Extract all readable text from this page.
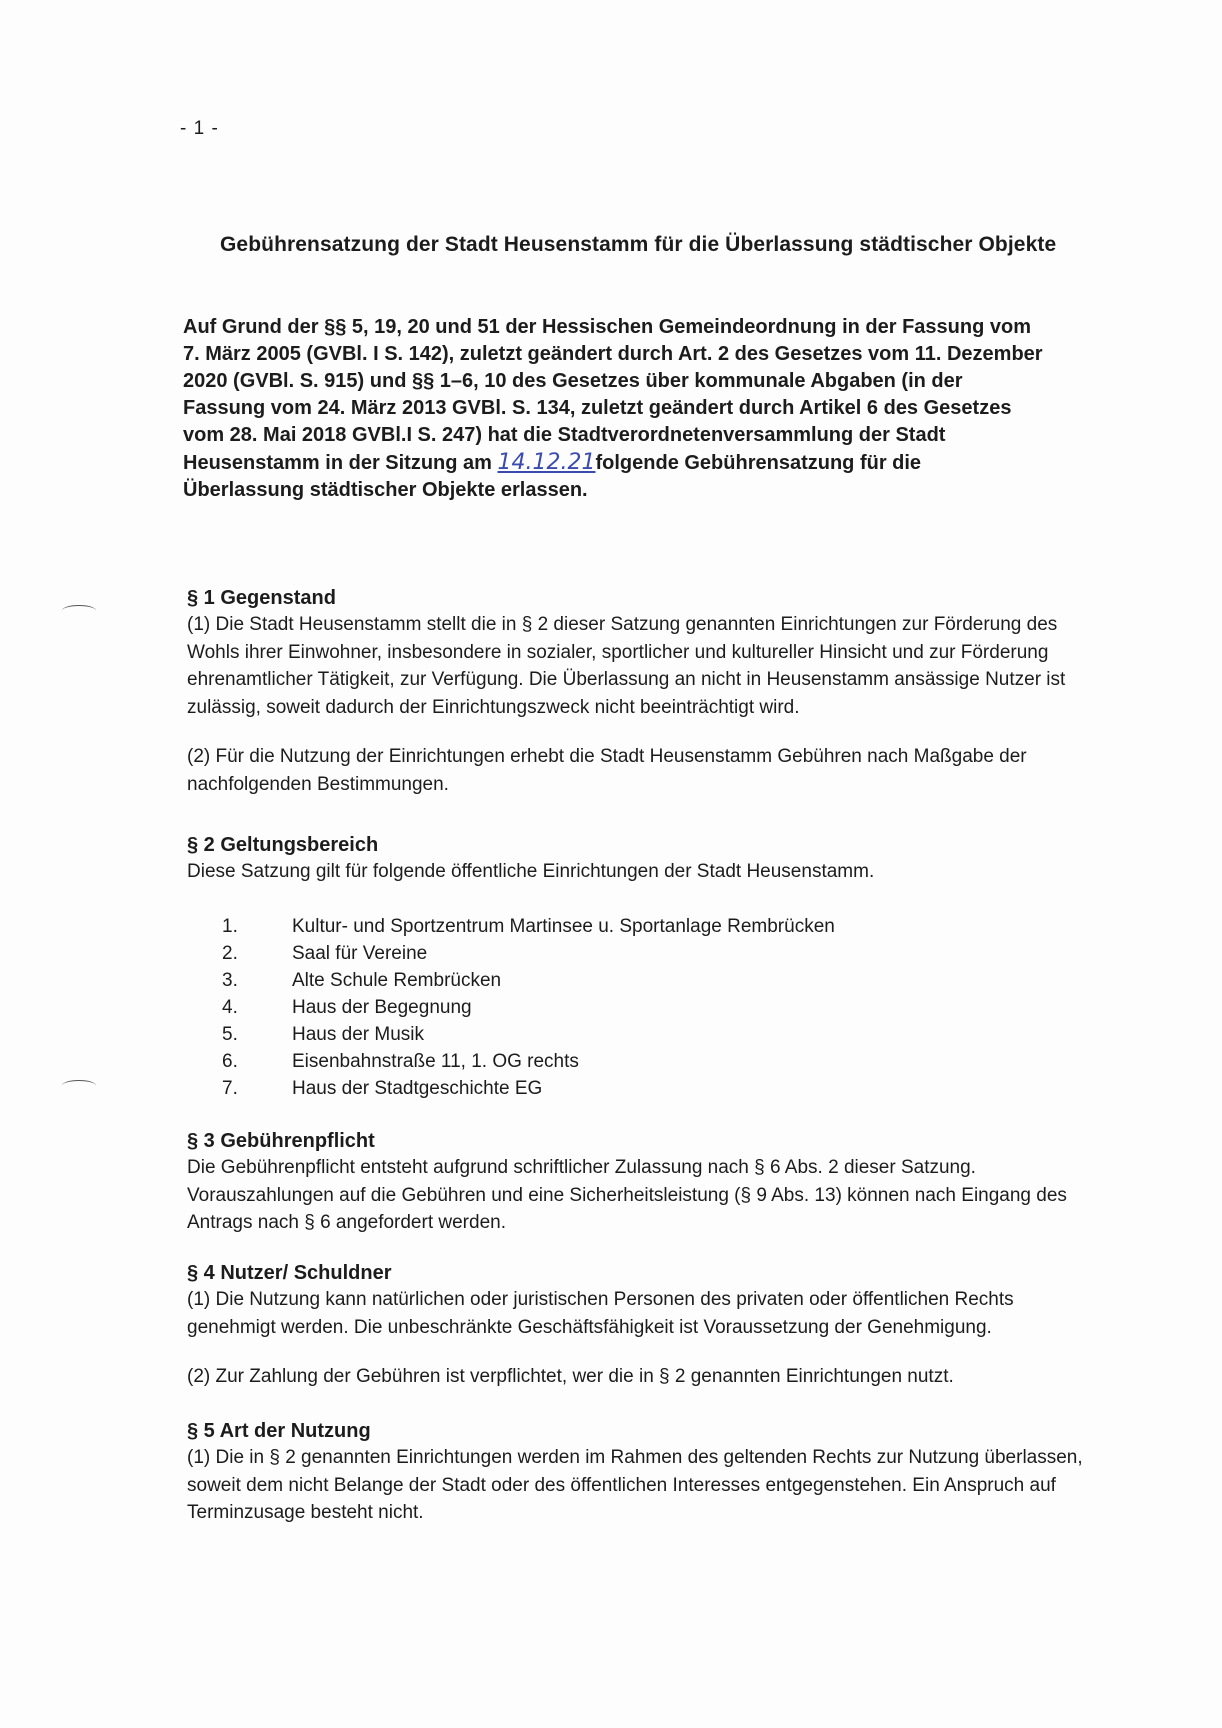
- 1 -
Gebührensatzung der Stadt Heusenstamm für die Überlassung städtischer Objekte
Auf Grund der §§ 5, 19, 20 und 51 der Hessischen Gemeindeordnung in der Fassung vom 7. März 2005 (GVBl. I S. 142), zuletzt geändert durch Art. 2 des Gesetzes vom 11. Dezember 2020 (GVBl. S. 915) und §§ 1–6, 10 des Gesetzes über kommunale Abgaben (in der Fassung vom 24. März 2013 GVBl. S. 134, zuletzt geändert durch Artikel 6 des Gesetzes vom 28. Mai 2018 GVBl.I S. 247) hat die Stadtverordnetenversammlung der Stadt Heusenstamm in der Sitzung am 14.12.21folgende Gebührensatzung für die Überlassung städtischer Objekte erlassen.
§ 1 Gegenstand

(1) Die Stadt Heusenstamm stellt die in § 2 dieser Satzung genannten Einrichtungen zur Förderung des Wohls ihrer Einwohner, insbesondere in sozialer, sportlicher und kultureller Hinsicht und zur Förderung ehrenamtlicher Tätigkeit, zur Verfügung. Die Überlassung an nicht in Heusenstamm ansässige Nutzer ist zulässig, soweit dadurch der Einrichtungszweck nicht beeinträchtigt wird.

(2) Für die Nutzung der Einrichtungen erhebt die Stadt Heusenstamm Gebühren nach Maßgabe der nachfolgenden Bestimmungen.

§ 2 Geltungsbereich

Diese Satzung gilt für folgende öffentliche Einrichtungen der Stadt Heusenstamm.

1.	Kultur- und Sportzentrum Martinsee u. Sportanlage Rembrücken
2.	Saal für Vereine
3.	Alte Schule Rembrücken
4.	Haus der Begegnung
5.	Haus der Musik
6.	Eisenbahnstraße 11, 1. OG rechts
7.	Haus der Stadtgeschichte EG
§ 3 Gebührenpflicht

Die Gebührenpflicht entsteht aufgrund schriftlicher Zulassung nach § 6 Abs. 2 dieser Satzung. Vorauszahlungen auf die Gebühren und eine Sicherheitsleistung (§ 9 Abs. 13) können nach Eingang des Antrags nach § 6 angefordert werden.

§ 4 Nutzer/ Schuldner

(1) Die Nutzung kann natürlichen oder juristischen Personen des privaten oder öffentlichen Rechts genehmigt werden. Die unbeschränkte Geschäftsfähigkeit ist Voraussetzung der Genehmigung.

(2) Zur Zahlung der Gebühren ist verpflichtet, wer die in § 2 genannten Einrichtungen nutzt.

§ 5 Art der Nutzung

(1) Die in § 2 genannten Einrichtungen werden im Rahmen des geltenden Rechts zur Nutzung überlassen, soweit dem nicht Belange der Stadt oder des öffentlichen Interesses entgegenstehen. Ein Anspruch auf Terminzusage besteht nicht.
